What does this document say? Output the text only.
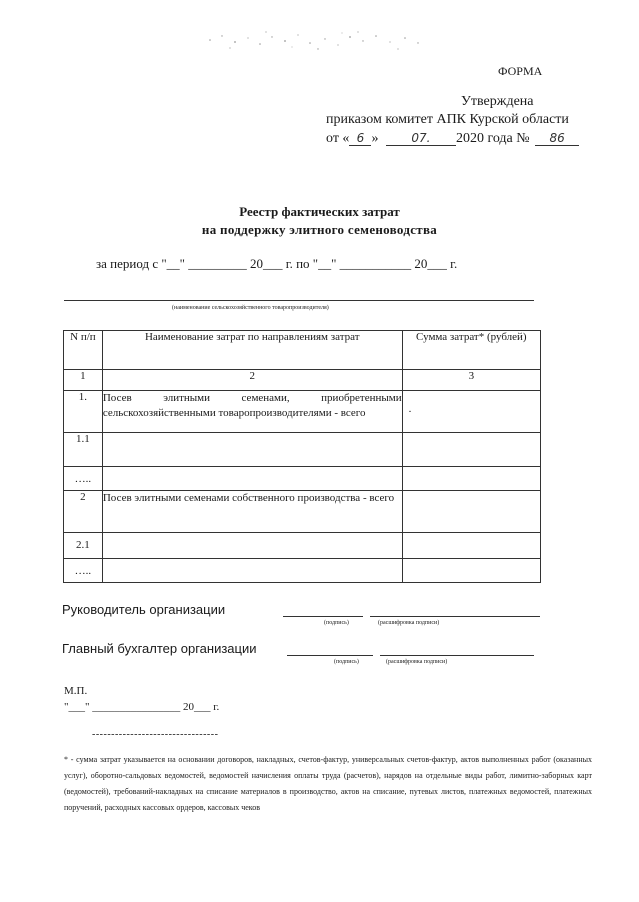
ФОРМА
Утверждена
приказом комитет АПК Курской области
от « 6 »	07. 2020 года № 86
Реестр фактических затрат
на поддержку элитного семеноводства
за период с "__" _________ 20___ г. по "__" ___________ 20___ г.
(наименование сельскохозяйственного товаропроизводителя)
N п/п	Наименование затрат по направлениям затрат	Сумма затрат* (рублей)
1	2	3
1.	Посев элитными семенами, приобретенными сельскохозяйственными товаропроизводителями - всего	.
1.1		
…..		
2	Посев элитными семенами собственного производства - всего	
2.1		
…..		
Руководитель организации
(подпись)	(расшифровка подписи)
Главный бухгалтер организации
(подпись)	(расшифровка подписи)
М.П.
"___" ________________ 20___ г.
---------------------------------
* - сумма затрат указывается на основании договоров, накладных, счетов-фактур, универсальных счетов-фактур, актов выполненных работ (оказанных услуг), оборотно-сальдовых ведомостей, ведомостей начисления оплаты труда (расчетов), нарядов на отдельные виды работ, лимитно-заборных карт (ведомостей), требований-накладных на списание материалов в производство, актов на списание, путевых листов, платежных ведомостей, платежных поручений, расходных кассовых ордеров, кассовых чеков
